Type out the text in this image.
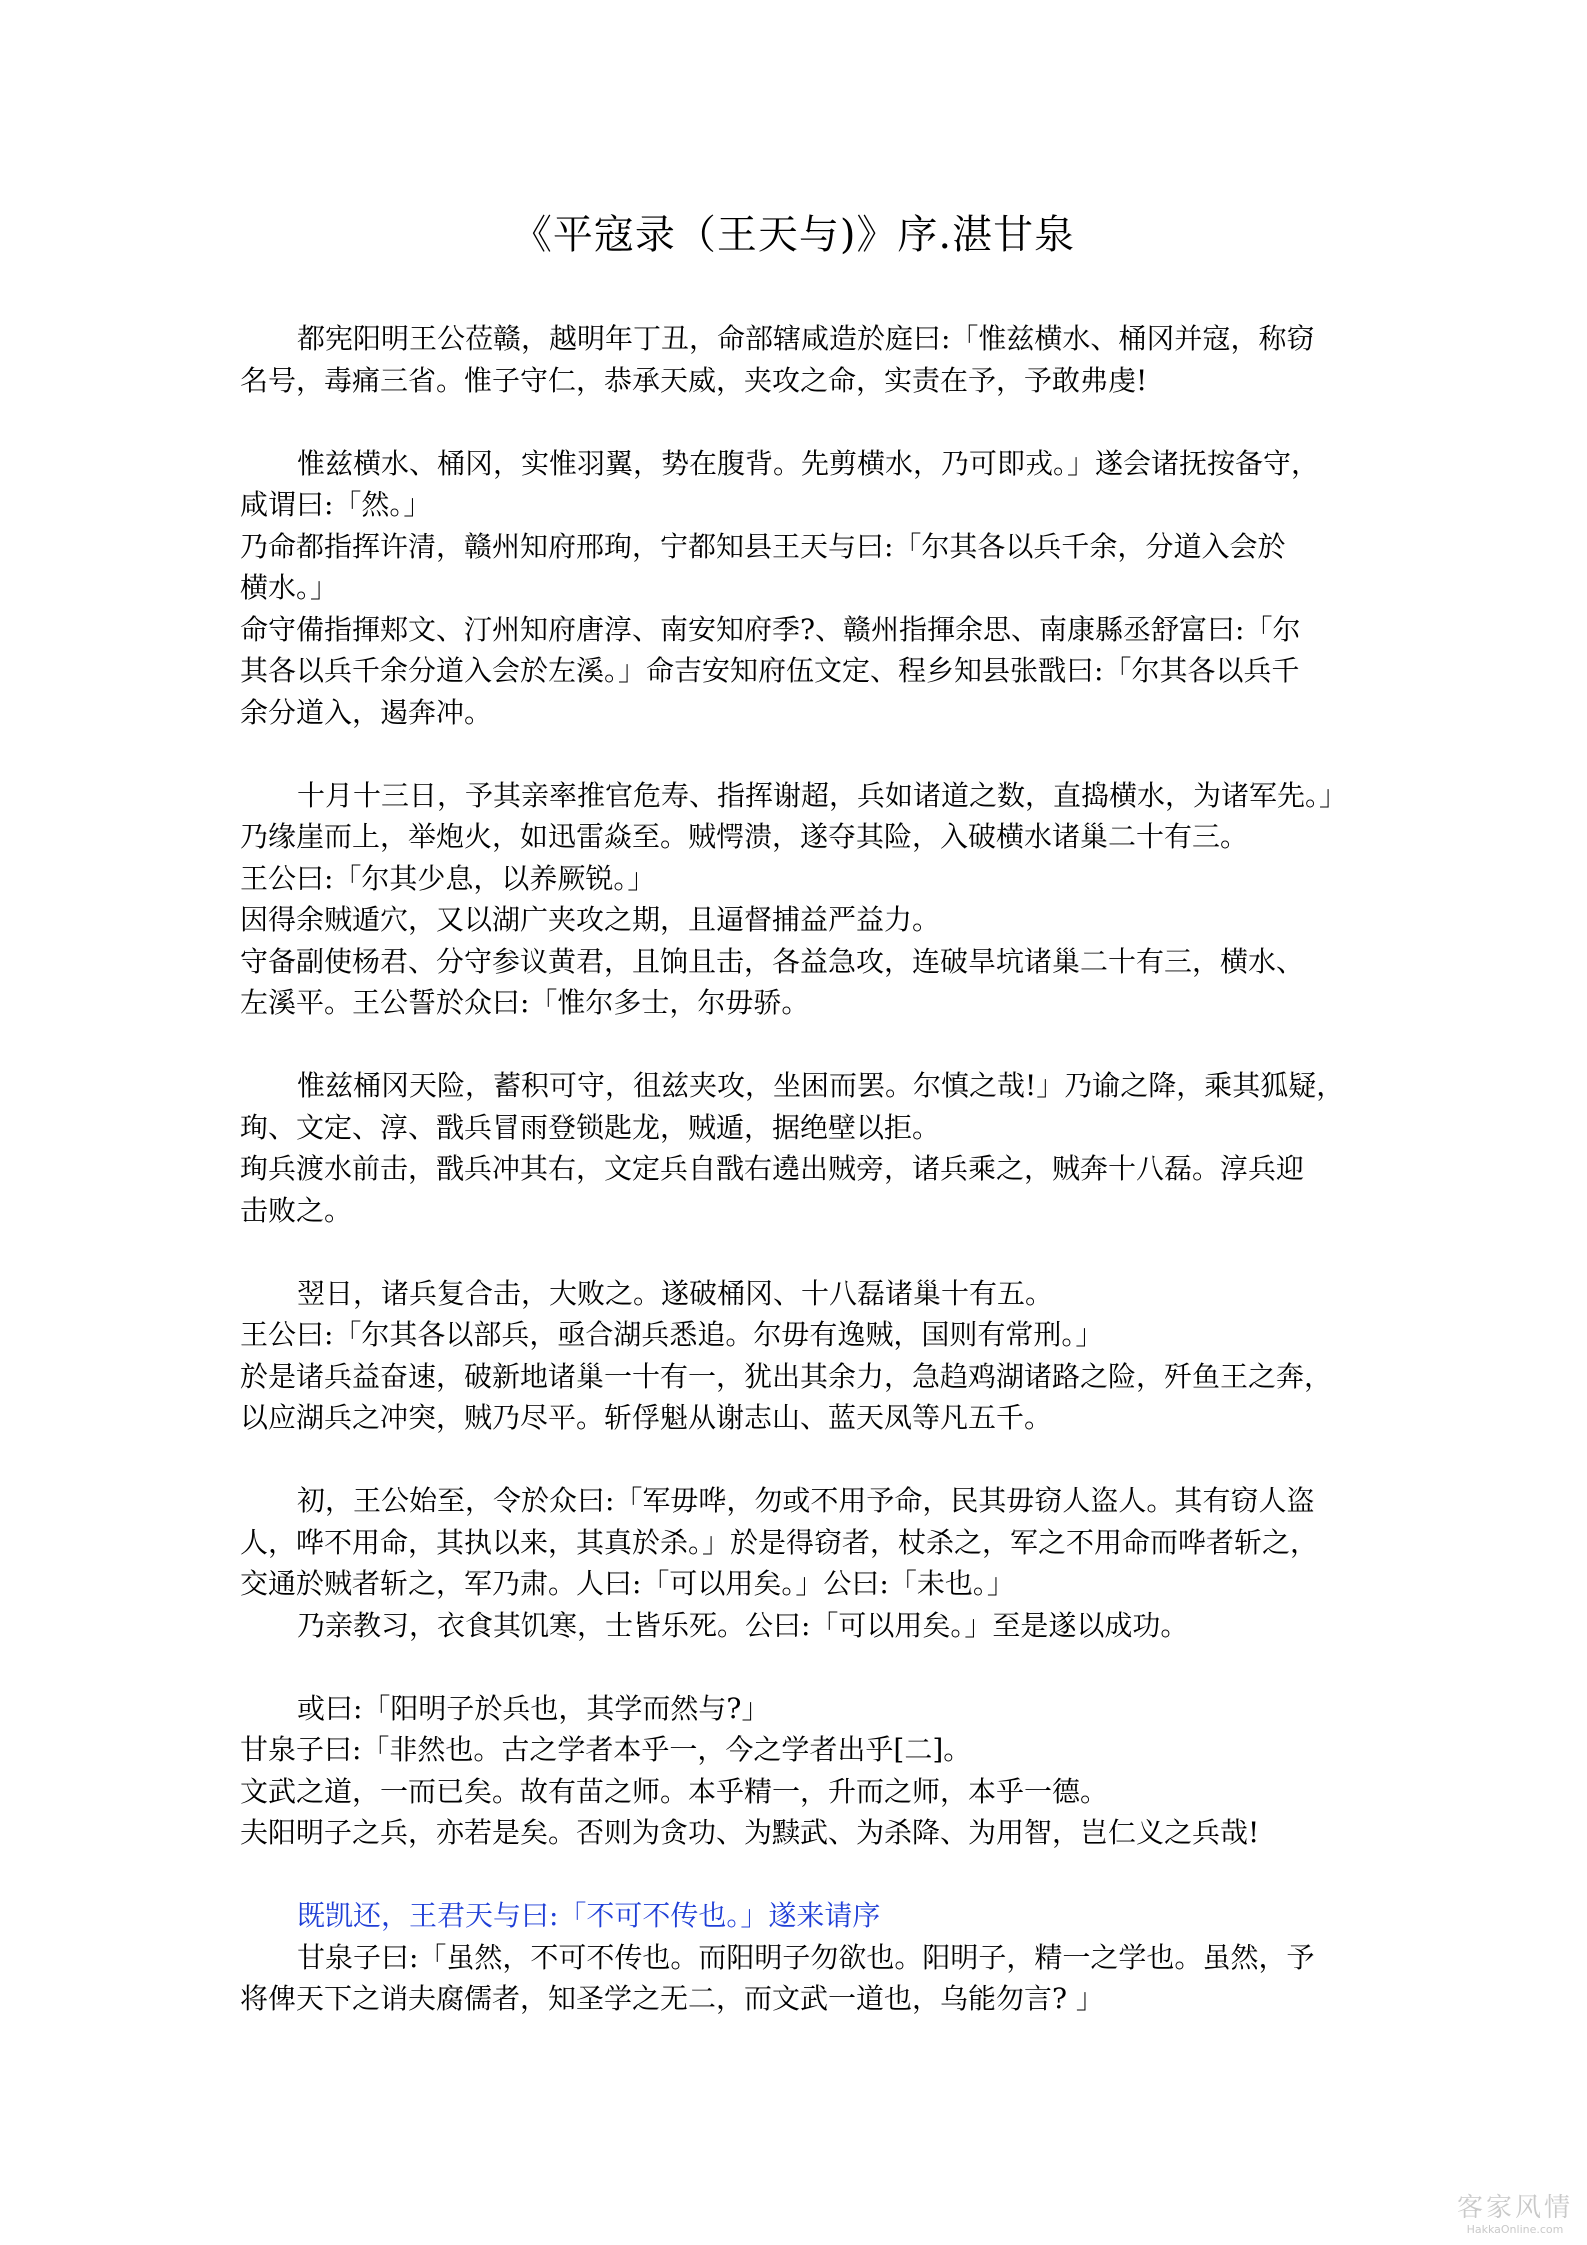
《平寇录（王天与)》序.湛甘泉
都宪阳明王公莅赣，越明年丁丑，命部辖咸造於庭曰:「惟兹横水、桶冈并寇，称窃
名号，毒痛三省。惟子守仁，恭承天威，夹攻之命，实责在予，予敢弗虔!
惟兹横水、桶冈，实惟羽翼，势在腹背。先剪横水，乃可即戎。」遂会诸抚按备守，
咸谓曰:「然。」
乃命都指挥许清，赣州知府邢珣，宁都知县王天与曰:「尔其各以兵千余，分道入会於
横水。」
命守備指揮郏文、汀州知府唐淳、南安知府季?、赣州指揮余思、南康縣丞舒富曰:「尔
其各以兵千余分道入会於左溪。」命吉安知府伍文定、程乡知县张戬曰:「尔其各以兵千
余分道入，遏奔冲。
十月十三日，予其亲率推官危寿、指挥谢超，兵如诸道之数，直捣横水，为诸军先。」
乃缘崖而上，举炮火，如迅雷焱至。贼愕溃，遂夺其险，入破横水诸巢二十有三。
王公曰:「尔其少息，以养厥锐。」
因得余贼遁穴，又以湖广夹攻之期，且逼督捕益严益力。
守备副使杨君、分守参议黄君，且饷且击，各益急攻，连破旱坑诸巢二十有三，横水、
左溪平。王公誓於众曰:「惟尔多士，尔毋骄。
惟兹桶冈天险，蓄积可守，徂兹夹攻，坐困而罢。尔慎之哉!」乃谕之降，乘其狐疑，
珣、文定、淳、戬兵冒雨登锁匙龙，贼遁，据绝壁以拒。
珣兵渡水前击，戬兵冲其右，文定兵自戬右遶出贼旁，诸兵乘之，贼奔十八磊。淳兵迎
击败之。
翌日，诸兵复合击，大败之。遂破桶冈、十八磊诸巢十有五。
王公曰:「尔其各以部兵，亟合湖兵悉追。尔毋有逸贼，国则有常刑。」
於是诸兵益奋速，破新地诸巢一十有一，犹出其余力，急趋鸡湖诸路之险，歼鱼王之奔，
以应湖兵之冲突，贼乃尽平。斩俘魁从谢志山、蓝天凤等凡五千。
初，王公始至，令於众曰:「军毋哗，勿或不用予命，民其毋窃人盗人。其有窃人盗
人，哗不用命，其执以来，其真於杀。」於是得窃者，杖杀之，军之不用命而哗者斩之，
交通於贼者斩之，军乃肃。人曰:「可以用矣。」公曰:「未也。」
乃亲教习，衣食其饥寒，士皆乐死。公曰:「可以用矣。」至是遂以成功。
或曰:「阳明子於兵也，其学而然与?」
甘泉子曰:「非然也。古之学者本乎一，今之学者出乎[二]。
文武之道，一而已矣。故有苗之师。本乎精一，升而之师，本乎一德。
夫阳明子之兵，亦若是矣。否则为贪功、为黩武、为杀降、为用智，岂仁义之兵哉!
既凯还，王君天与曰:「不可不传也。」遂来请序
甘泉子曰:「虽然，不可不传也。而阳明子勿欲也。阳明子，精一之学也。虽然，予
将俾天下之诮夫腐儒者，知圣学之无二，而文武一道也，乌能勿言? 」
客家风情
HakkaOnline.com
